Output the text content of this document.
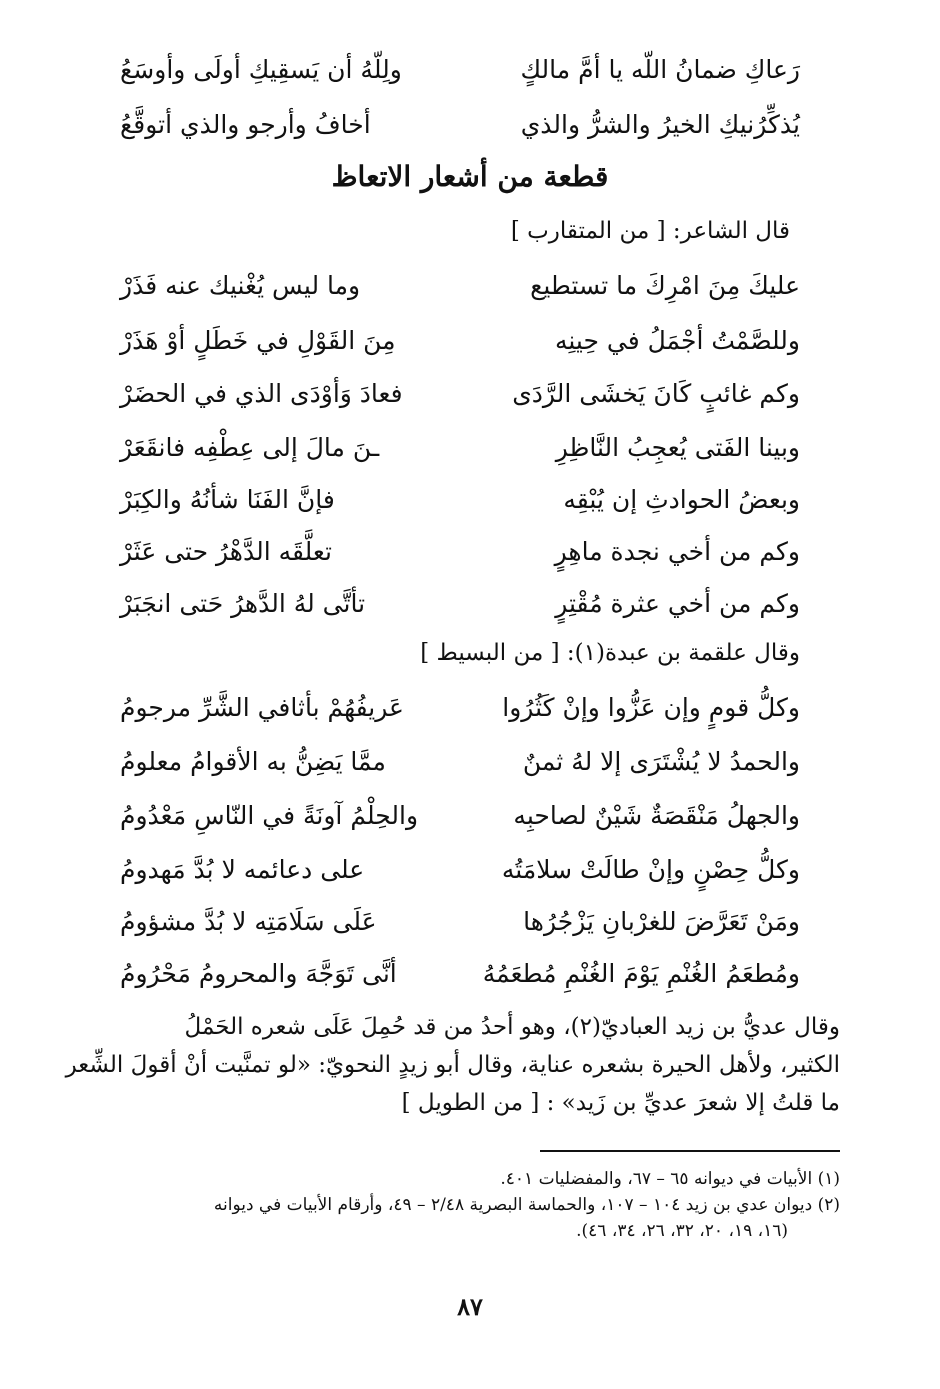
رَعاكِ ضمانُ اللّه يا أمَّ مالكٍ
ولِلّهُ أن يَسقِيكِ أولَى وأوسَعُ
يُذكِّرُنيكِ الخيرُ والشرُّ والذي
أخافُ وأرجو والذي أتوقَّعُ
قطعة من أشعار الاتعاظ
قال الشاعر: [ من المتقارب ]
عليكَ مِنَ امْرِكَ ما تستطيع
وما ليس يُغْنيك عنه فَذَرْ
وللصَّمْتُ أجْمَلُ في حِينِه
مِنَ القَوْلِ في خَطَلٍ أوْ هَذَرْ
وكم غائبٍ كَانَ يَخشَى الرَّدَى
فعادَ وَأوْدَى الذي في الحضَرْ
وبينا الفَتى يُعجِبُ النَّاظِرِ
ـنَ مالَ إلى عِطْفِه فانقَعَرْ
وبعضُ الحوادثِ إن يُبْقِه
فإنَّ الفَنَا شأنُهُ والكِبَرْ
وكم من أخي نجدة ماهِرٍ
تعلَّقَه الدَّهْرُ حتى عَثَرْ
وكم من أخي عثرة مُقْتِرٍ
تأتَّى لهُ الدَّهرُ حَتى انجَبَرْ
وقال علقمة بن عبدة(١): [ من البسيط ]
وكلُّ قومٍ وإن عَزُّوا وإنْ كَثُرُوا
عَريفُهُمْ بأثافي الشَّرِّ مرجومُ
والحمدُ لا يُشْتَرَى إلا لهُ ثمنٌ
ممَّا يَضِنُّ به الأقوامُ معلومُ
والجهلُ مَنْقَصَةٌ شَيْنٌ لصاحبِه
والحِلْمُ آونَةً في النّاسِ مَعْدُومُ
وكلُّ حِصْنٍ وإنْ طالَتْ سلامَتُه
على دعائمه لا بُدَّ مَهدومُ
ومَنْ تَعَرَّضَ للغرْبانِ يَزْجُرُها
عَلَى سَلَامَتِه لا بُدَّ مشؤومُ
ومُطعَمُ الغُنْمِ يَوْمَ الغُنْمِ مُطعَمُهُ
أنَّى تَوَجَّهَ والمحرومُ مَحْرُومُ
وقال عديُّ بن زيد العباديّ(٢)، وهو أحدُ من قد حُمِلَ عَلَى شعره الحَمْلُ
الكثير، ولأهل الحيرة بشعره عناية، وقال أبو زيدٍ النحويّ: «لو تمنَّيت أنْ أقولَ الشِّعر
ما قلتُ إلا شعرَ عديِّ بن زَيد» : [ من الطويل ]
(١) الأبيات في ديوانه ٦٥ – ٦٧، والمفضليات ٤٠١.
(٢) ديوان عدي بن زيد ١٠٤ – ١٠٧، والحماسة البصرية ٢/٤٨ – ٤٩، وأرقام الأبيات في ديوانه
(١٦، ١٩، ٢٠، ٣٢، ٢٦، ٣٤، ٤٦).
٨٧
